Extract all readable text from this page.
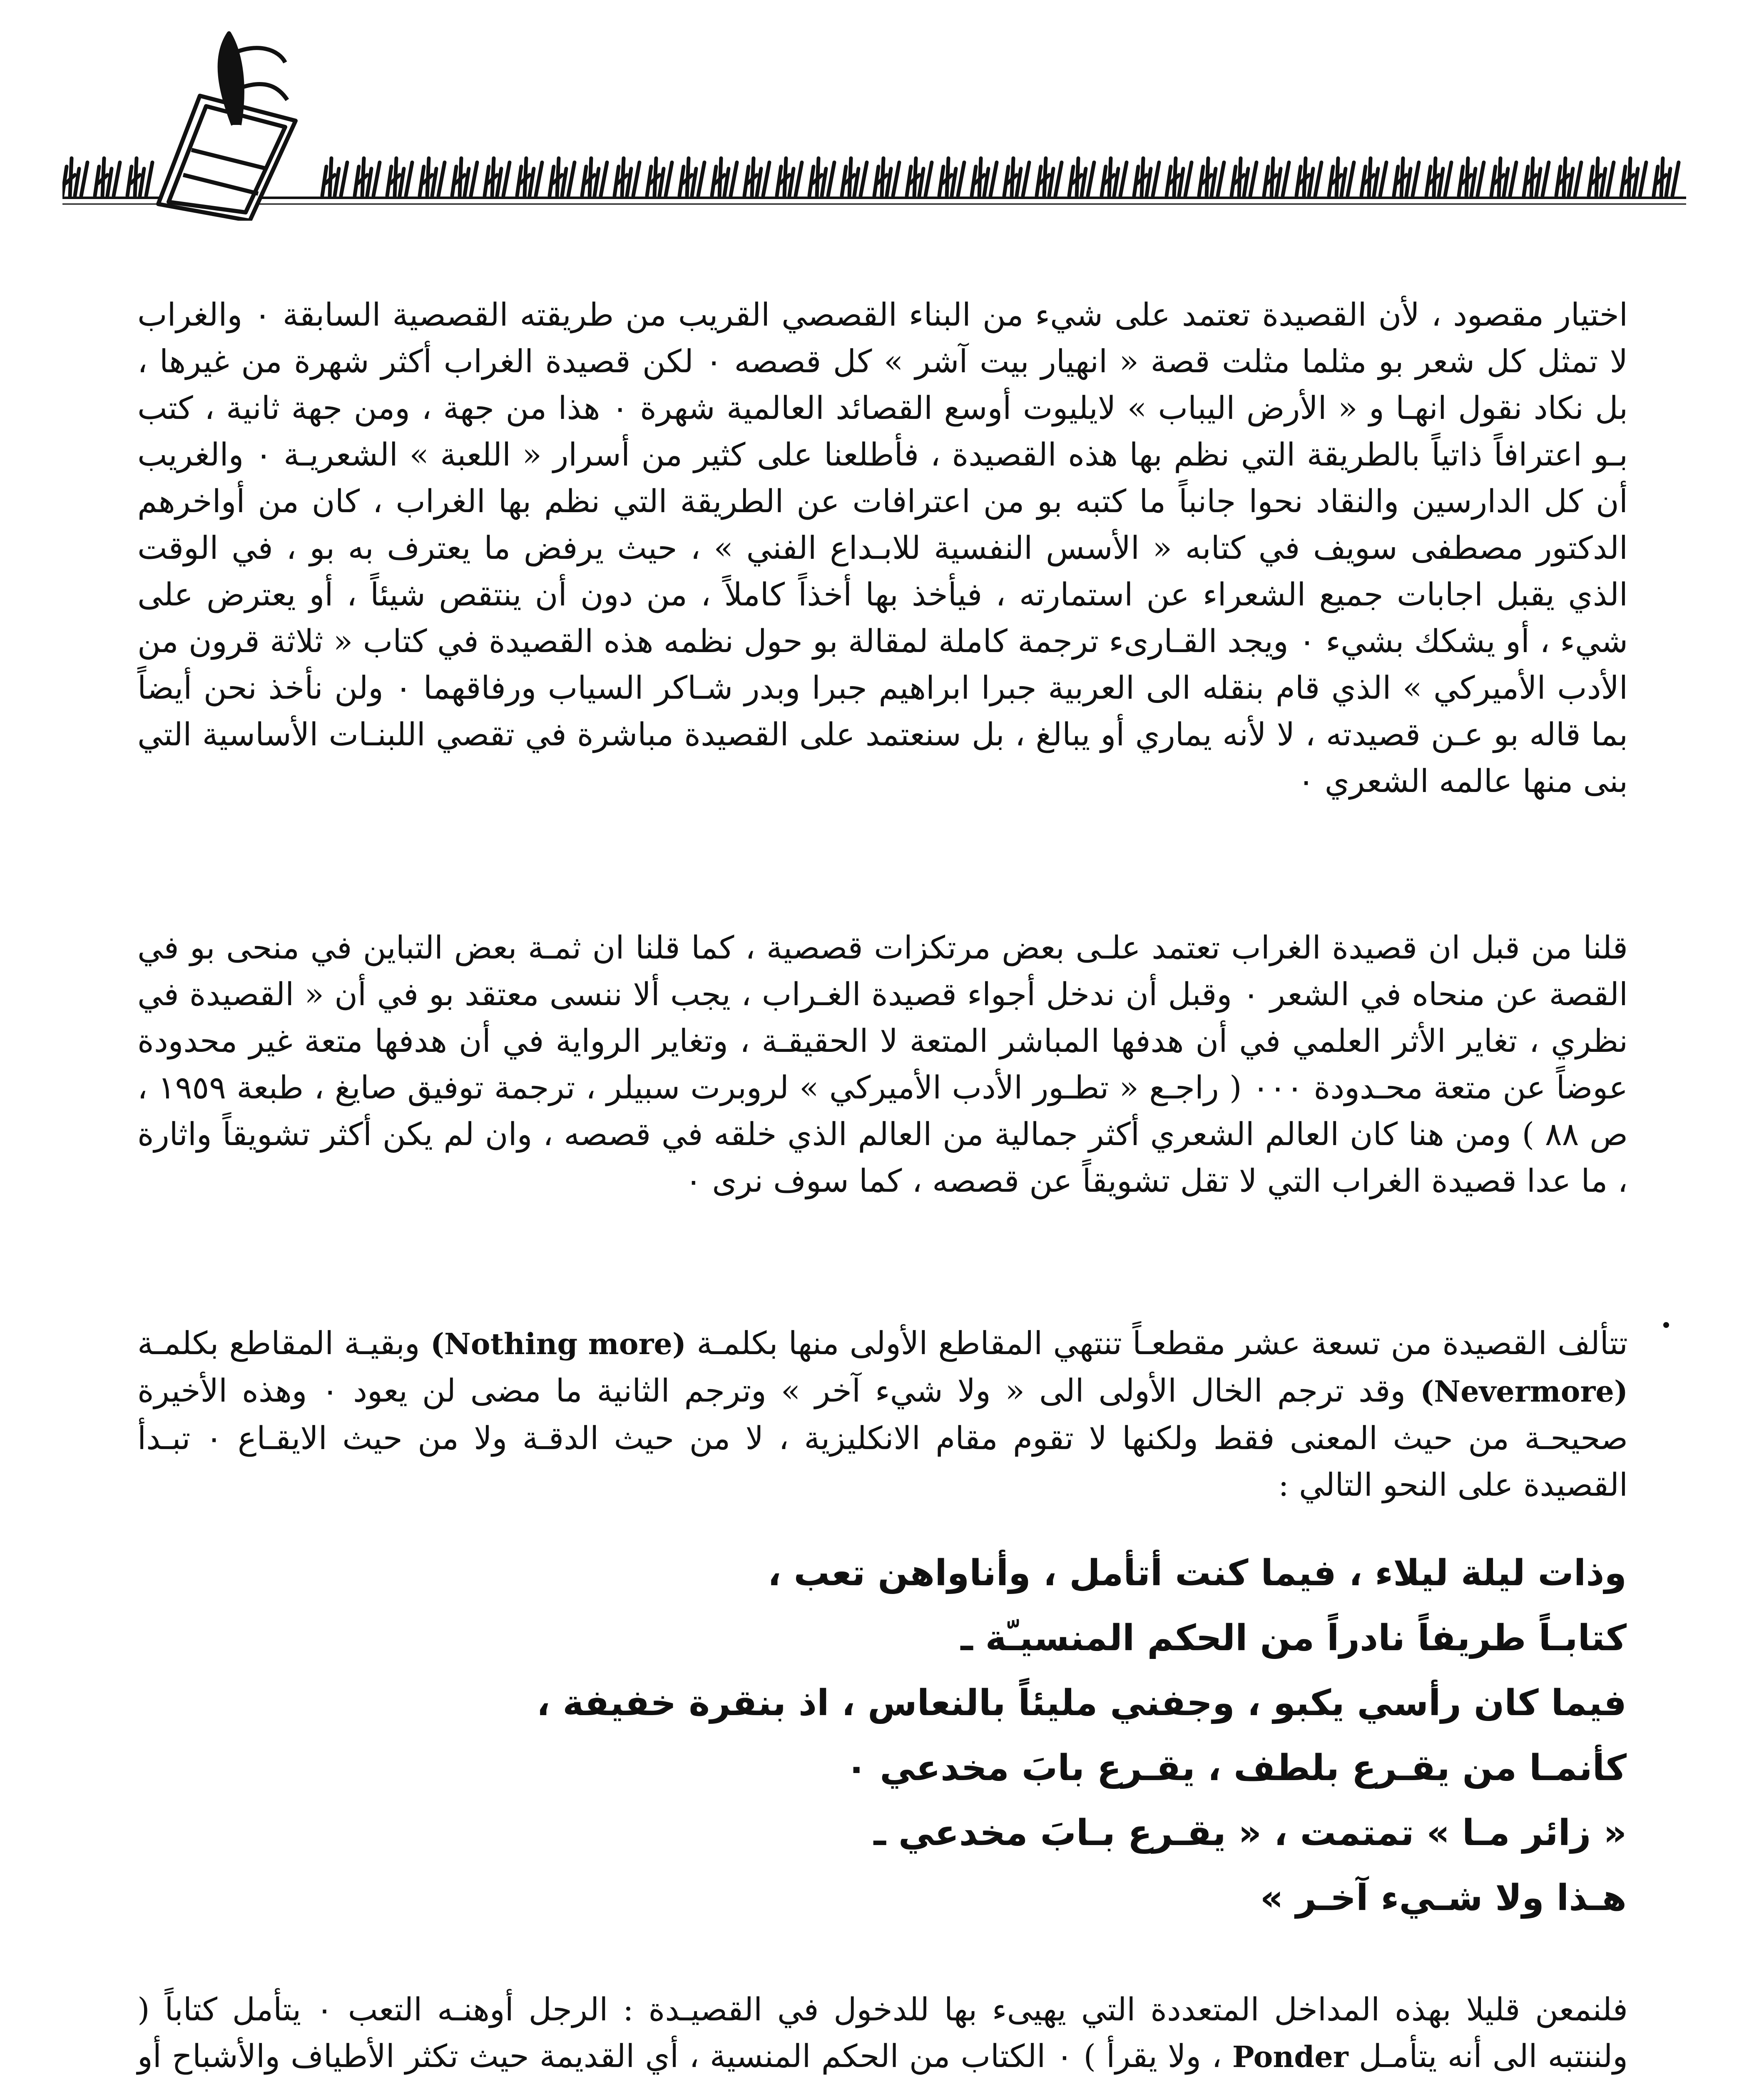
اختيار مقصود ، لأن القصيدة تعتمد على شيء من البناء القصصي القريب من طريقته القصصية السابقة ٠ والغراب لا تمثل كل شعر بو مثلما مثلت قصة « انهيار بيت آشر » كل قصصه ٠ لكن قصيدة الغراب أكثر شهرة من غيرها ، بل نكاد نقول انهـا و « الأرض اليباب » لايليوت أوسع القصائد العالمية شهرة ٠ هذا من جهة ، ومن جهة ثانية ، كتب بـو اعترافاً ذاتياً بالطريقة التي نظم بها هذه القصيدة ، فأطلعنا على كثير من أسرار « اللعبة » الشعريـة ٠ والغريب أن كل الدارسين والنقاد نحوا جانباً ما كتبه بو من اعترافات عن الطريقة التي نظم بها الغراب ، كان من أواخرهم الدكتور مصطفى سويف في كتابه « الأسس النفسية للابـداع الفني » ، حيث يرفض ما يعترف به بو ، في الوقت الذي يقبل اجابات جميع الشعراء عن استمارته ، فيأخذ بها أخذاً كاملاً ، من دون أن ينتقص شيئاً ، أو يعترض على شيء ، أو يشكك بشيء ٠ ويجد القـارىء ترجمة كاملة لمقالة بو حول نظمه هذه القصيدة في كتاب « ثلاثة قرون من الأدب الأميركي » الذي قام بنقله الى العربية جبرا ابراهيم جبرا وبدر شـاكر السياب ورفاقهما ٠ ولن نأخذ نحن أيضاً بما قاله بو عـن قصيدته ، لا لأنه يماري أو يبالغ ، بل سنعتمد على القصيدة مباشرة في تقصي اللبنـات الأساسية التي بنى منها عالمه الشعري ٠

قلنا من قبل ان قصيدة الغراب تعتمد علـى بعض مرتكزات قصصية ، كما قلنا ان ثمـة بعض التباين في منحى بو في القصة عن منحاه في الشعر ٠ وقبل أن ندخل أجواء قصيدة الغـراب ، يجب ألا ننسى معتقد بو في أن « القصيدة في نظري ، تغاير الأثر العلمي في أن هدفها المباشر المتعة لا الحقيقـة ، وتغاير الرواية في أن هدفها متعة غير محدودة عوضاً عن متعة محـدودة ٠٠٠ ( راجـع « تطـور الأدب الأميركي » لروبرت سبيلر ، ترجمة توفيق صايغ ، طبعة ١٩٥٩ ، ص ٨٨ ) ومن هنا كان العالم الشعري أكثر جمالية من العالم الذي خلقه في قصصه ، وان لم يكن أكثر تشويقاً واثارة ، ما عدا قصيدة الغراب التي لا تقل تشويقاً عن قصصه ، كما سوف نرى ٠

تتألف القصيدة من تسعة عشر مقطعـاً تنتهي المقاطع الأولى منها بكلمـة (Nothing more) وبقيـة المقاطع بكلمـة (Nevermore) وقد ترجم الخال الأولى الى « ولا شيء آخر » وترجم الثانية ما مضى لن يعود ٠ وهذه الأخيرة صحيحـة من حيث المعنى فقط ولكنها لا تقوم مقام الانكليزية ، لا من حيث الدقـة ولا من حيث الايقـاع ٠ تبـدأ القصيدة على النحو التالي :

وذات ليلة ليلاء ، فيما كنت أتأمل ، وأناواهن تعب ،

كتابـاً طريفاً نادراً من الحكم المنسيـّة ـ

فيما كان رأسي يكبو ، وجفني مليئاً بالنعاس ، اذ بنقرة خفيفة ،

كأنمـا من يقـرع بلطف ، يقـرع بابَ مخدعي ٠

« زائر مـا » تمتمت ، « يقـرع بـابَ مخدعي ـ

هـذا ولا شـيء آخـر »

فلنمعن قليلا بهذه المداخل المتعددة التي يهيىء بها للدخول في القصيـدة : الرجل أوهنـه التعب ٠ يتأمل كتاباً ( ولننتبه الى أنه يتأمـل Ponder ، ولا يقرأ ) ٠ الكتاب من الحكم المنسية ، أي القديمة حيث تكثر الأطياف والأشباح أو
